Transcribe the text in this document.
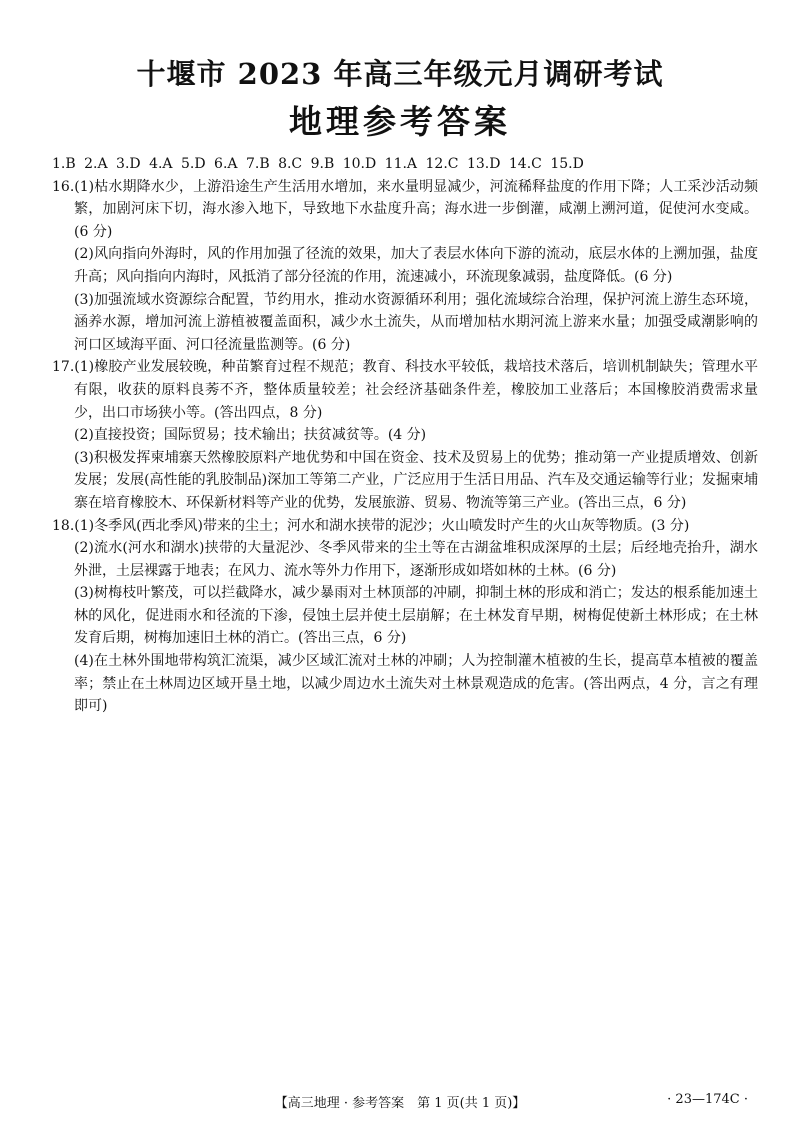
十堰市 2023 年高三年级元月调研考试
地理参考答案

1.B 2.A 3.D 4.A 5.D 6.A 7.B 8.C 9.B 10.D 11.A 12.C 13.D 14.C 15.D

16.(1)枯水期降水少，上游沿途生产生活用水增加，来水量明显减少，河流稀释盐度的作用下降；人工采沙活动频繁，加剧河床下切，海水渗入地下，导致地下水盐度升高；海水进一步倒灌，咸潮上溯河道，促使河水变咸。(6 分)
(2)风向指向外海时，风的作用加强了径流的效果，加大了表层水体向下游的流动，底层水体的上溯加强，盐度升高；风向指向内海时，风抵消了部分径流的作用，流速减小，环流现象减弱，盐度降低。(6 分)
(3)加强流域水资源综合配置，节约用水，推动水资源循环利用；强化流域综合治理，保护河流上游生态环境，涵养水源，增加河流上游植被覆盖面积，减少水土流失，从而增加枯水期河流上游来水量；加强受咸潮影响的河口区域海平面、河口径流量监测等。(6 分)
17.(1)橡胶产业发展较晚，种苗繁育过程不规范；教育、科技水平较低，栽培技术落后，培训机制缺失；管理水平有限，收获的原料良莠不齐，整体质量较差；社会经济基础条件差，橡胶加工业落后；本国橡胶消费需求量少，出口市场狭小等。(答出四点，8 分)
(2)直接投资；国际贸易；技术输出；扶贫减贫等。(4 分)
(3)积极发挥柬埔寨天然橡胶原料产地优势和中国在资金、技术及贸易上的优势；推动第一产业提质增效、创新发展；发展(高性能的乳胶制品)深加工等第二产业，广泛应用于生活日用品、汽车及交通运输等行业；发掘柬埔寨在培育橡胶木、环保新材料等产业的优势，发展旅游、贸易、物流等第三产业。(答出三点，6 分)
18.(1)冬季风(西北季风)带来的尘土；河水和湖水挟带的泥沙；火山喷发时产生的火山灰等物质。(3 分)
(2)流水(河水和湖水)挟带的大量泥沙、冬季风带来的尘土等在古湖盆堆积成深厚的土层；后经地壳抬升，湖水外泄，土层裸露于地表；在风力、流水等外力作用下，逐渐形成如塔如林的土林。(6 分)
(3)树梅枝叶繁茂，可以拦截降水，减少暴雨对土林顶部的冲刷，抑制土林的形成和消亡；发达的根系能加速土林的风化，促进雨水和径流的下渗，侵蚀土层并使土层崩解；在土林发育早期，树梅促使新土林形成；在土林发育后期，树梅加速旧土林的消亡。(答出三点，6 分)
(4)在土林外围地带构筑汇流渠，减少区域汇流对土林的冲刷；人为控制灌木植被的生长，提高草本植被的覆盖率；禁止在土林周边区域开垦土地，以减少周边水土流失对土林景观造成的危害。(答出两点，4 分，言之有理即可)
【高三地理 · 参考答案　第 1 页(共 1 页)】	· 23—174C ·
